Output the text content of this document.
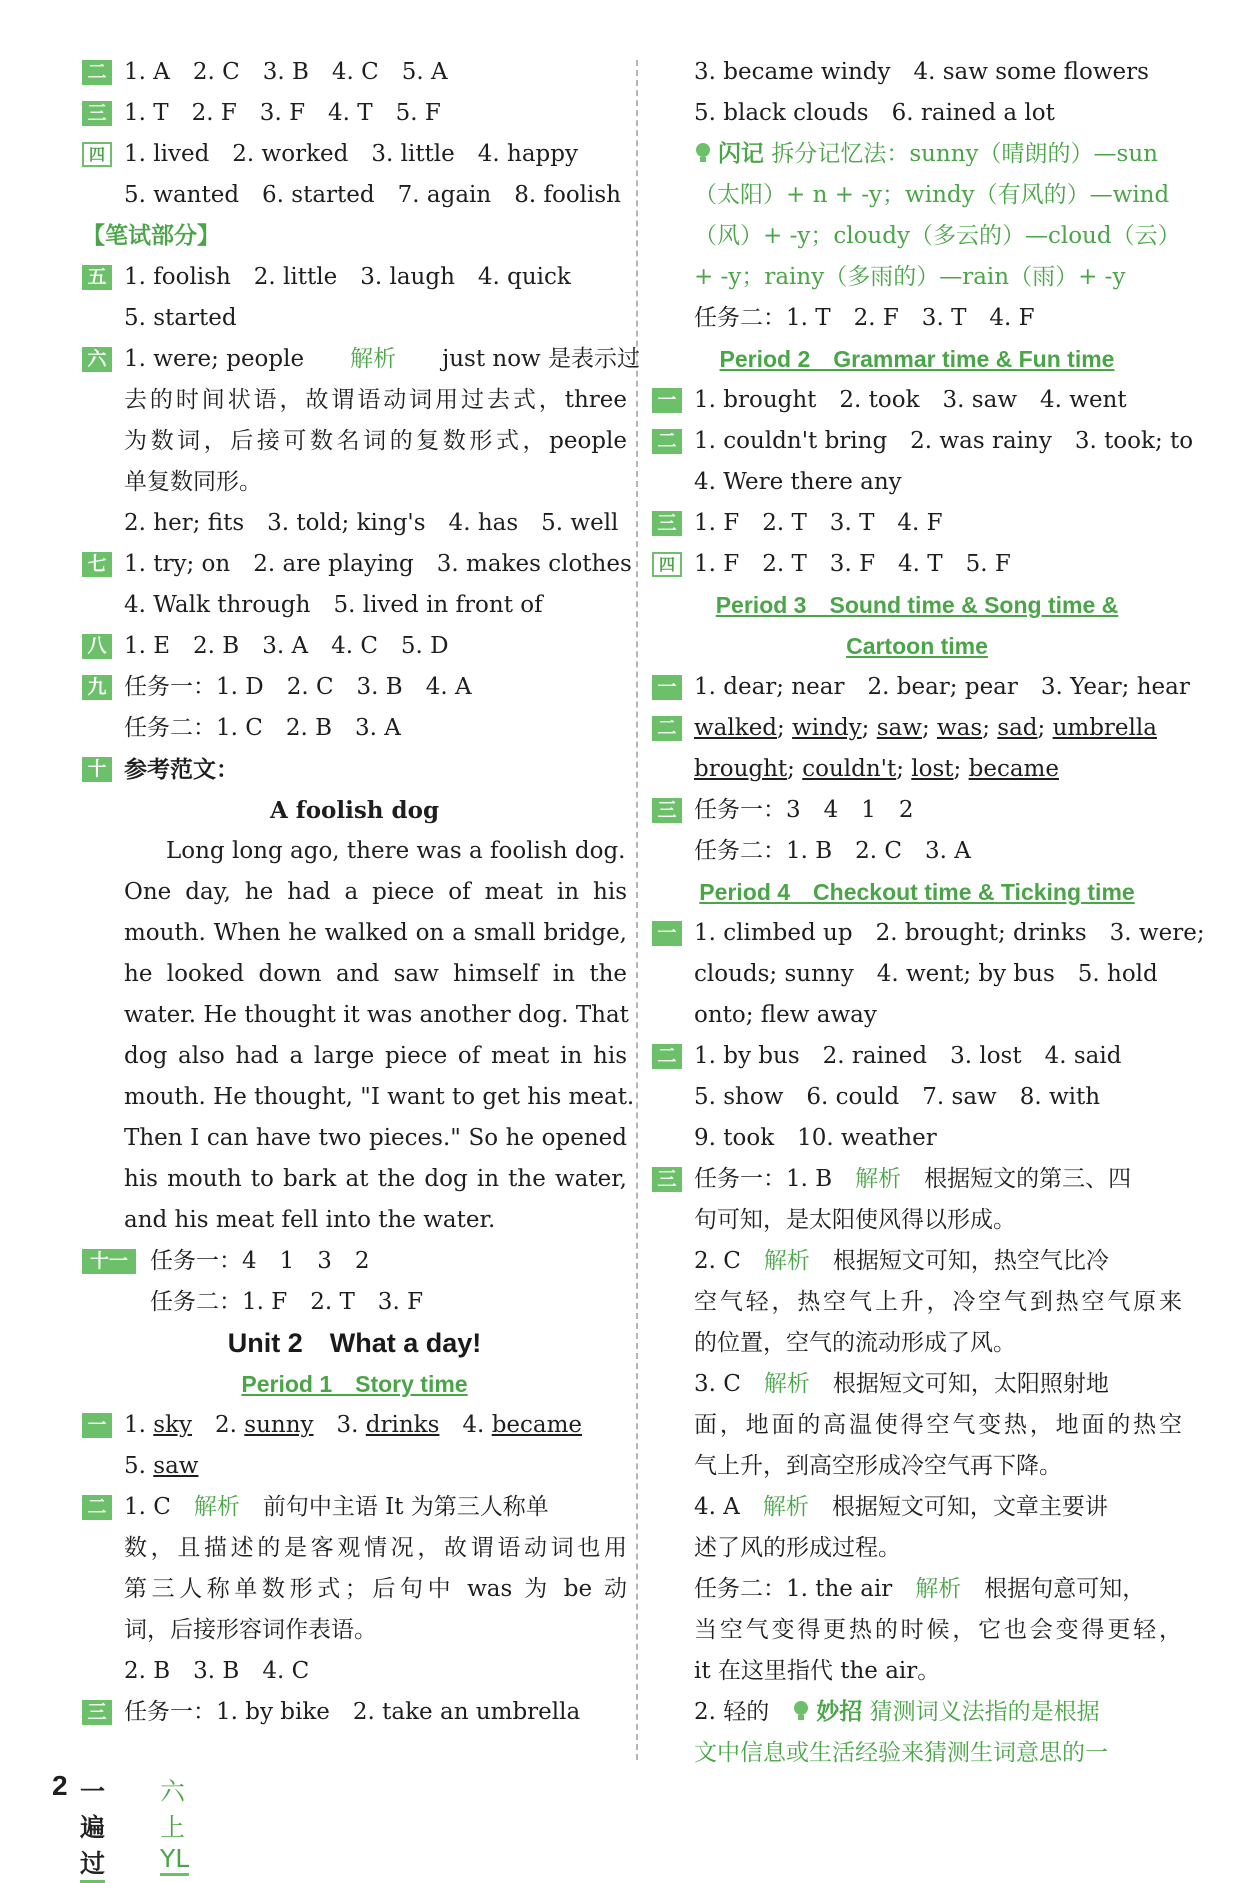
二 1. A　2. C　3. B　4. C　5. A
三 1. T　2. F　3. F　4. T　5. F
四 1. lived　2. worked　3. little　4. happy
5. wanted　6. started　7. again　8. foolish
【笔试部分】
五 1. foolish　2. little　3. laugh　4. quick
5. started
六 1. were; people　　 解析　　 just now 是表示过
去的时间状语，故谓语动词用过去式，three
为数词，后接可数名词的复数形式，people
单复数同形。
2. her; fits　3. told; king's　4. has　5. well
七 1. try; on　2. are playing　3. makes clothes
4. Walk through　5. lived in front of
八 1. E　2. B　3. A　4. C　5. D
九 任务一：1. D　2. C　3. B　4. A
任务二：1. C　2. B　3. A
十 参考范文：
A foolish dog
Long long ago, there was a foolish dog.
One day, he had a piece of meat in his
mouth. When he walked on a small bridge,
he looked down and saw himself in the
water. He thought it was another dog. That
dog also had a large piece of meat in his
mouth. He thought, "I want to get his meat.
Then I can have two pieces." So he opened
his mouth to bark at the dog in the water,
and his meat fell into the water.
十一 任务一：4　1　3　2
任务二：1. F　2. T　3. F
Unit 2　What a day!
Period 1　Story time
一 1. sky　2. sunny　3. drinks　4. became
5. saw
二 1. C　 解析　 前句中主语 It 为第三人称单
数，且描述的是客观情况，故谓语动词也用
第三人称单数形式；后句中 was 为 be 动
词，后接形容词作表语。
2. B　3. B　4. C
三 任务一：1. by bike　2. take an umbrella
3. became windy　4. saw some flowers
5. black clouds　6. rained a lot
闪记 拆分记忆法：sunny（晴朗的）—sun
（太阳）+ n + -y；windy（有风的）—wind
（风）+ -y；cloudy（多云的）—cloud（云）
+ -y；rainy（多雨的）—rain（雨）+ -y
任务二：1. T　2. F　3. T　4. F
Period 2　Grammar time & Fun time
一 1. brought　2. took　3. saw　4. went
二 1. couldn't bring　2. was rainy　3. took; to
4. Were there any
三 1. F　2. T　3. T　4. F
四 1. F　2. T　3. F　4. T　5. F
Period 3　Sound time & Song time &
Cartoon time
一 1. dear; near　2. bear; pear　3. Year; hear
二 walked; windy; saw; was; sad; umbrella
brought; couldn't; lost; became
三 任务一：3　4　1　2
任务二：1. B　2. C　3. A
Period 4　Checkout time & Ticking time
一 1. climbed up　2. brought; drinks　3. were;
clouds; sunny　4. went; by bus　5. hold
onto; flew away
二 1. by bus　2. rained　3. lost　4. said
5. show　6. could　7. saw　8. with
9. took　10. weather
三 任务一：1. B　 解析　 根据短文的第三、四
句可知，是太阳使风得以形成。
2. C　 解析　 根据短文可知，热空气比冷
空气轻，热空气上升，冷空气到热空气原来
的位置，空气的流动形成了风。
3. C　 解析　 根据短文可知，太阳照射地
面，地面的高温使得空气变热，地面的热空
气上升，到高空形成冷空气再下降。
4. A　 解析　 根据短文可知，文章主要讲
述了风的形成过程。
任务二：1. the air　 解析　 根据句意可知，
当空气变得更热的时候，它也会变得更轻，
it 在这里指代 the air。
2. 轻的　 妙招 猜测词义法指的是根据
文中信息或生活经验来猜测生词意思的一
2 一遍过
六上 YL
